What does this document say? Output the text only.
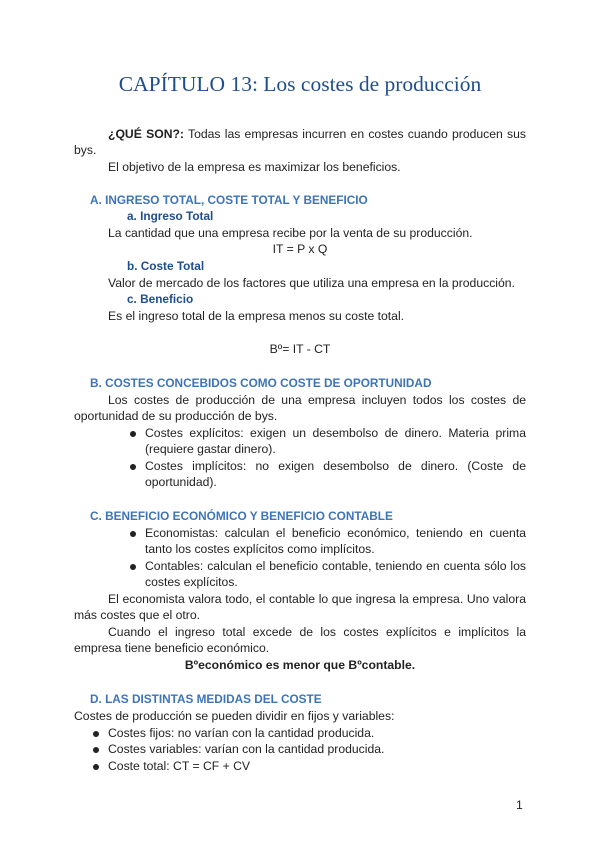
CAPÍTULO 13: Los costes de producción
¿QUÉ SON?: Todas las empresas incurren en costes cuando producen sus
bys.
El objetivo de la empresa es maximizar los beneficios.
A. INGRESO TOTAL, COSTE TOTAL Y BENEFICIO
a. Ingreso Total
La cantidad que una empresa recibe por la venta de su producción.
IT = P x Q
b. Coste Total
Valor de mercado de los factores que utiliza una empresa en la producción.
c. Beneficio
Es el ingreso total de la empresa menos su coste total.
Bº= IT - CT
B. COSTES CONCEBIDOS COMO COSTE DE OPORTUNIDAD
Los costes de producción de una empresa incluyen todos los costes de
oportunidad de su producción de bys.
Costes explícitos: exigen un desembolso de dinero. Materia prima
(requiere gastar dinero).
Costes implícitos: no exigen desembolso de dinero. (Coste de
oportunidad).
C. BENEFICIO ECONÓMICO Y BENEFICIO CONTABLE
Economistas: calculan el beneficio económico, teniendo en cuenta
tanto los costes explícitos como implícitos.
Contables: calculan el beneficio contable, teniendo en cuenta sólo los
costes explícitos.
El economista valora todo, el contable lo que ingresa la empresa. Uno valora
más costes que el otro.
Cuando el ingreso total excede de los costes explícitos e implícitos la
empresa tiene beneficio económico.
Bºeconómico es menor que Bºcontable.
D. LAS DISTINTAS MEDIDAS DEL COSTE
Costes de producción se pueden dividir en fijos y variables:
Costes fijos: no varían con la cantidad producida.
Costes variables: varían con la cantidad producida.
Coste total: CT = CF + CV
1
